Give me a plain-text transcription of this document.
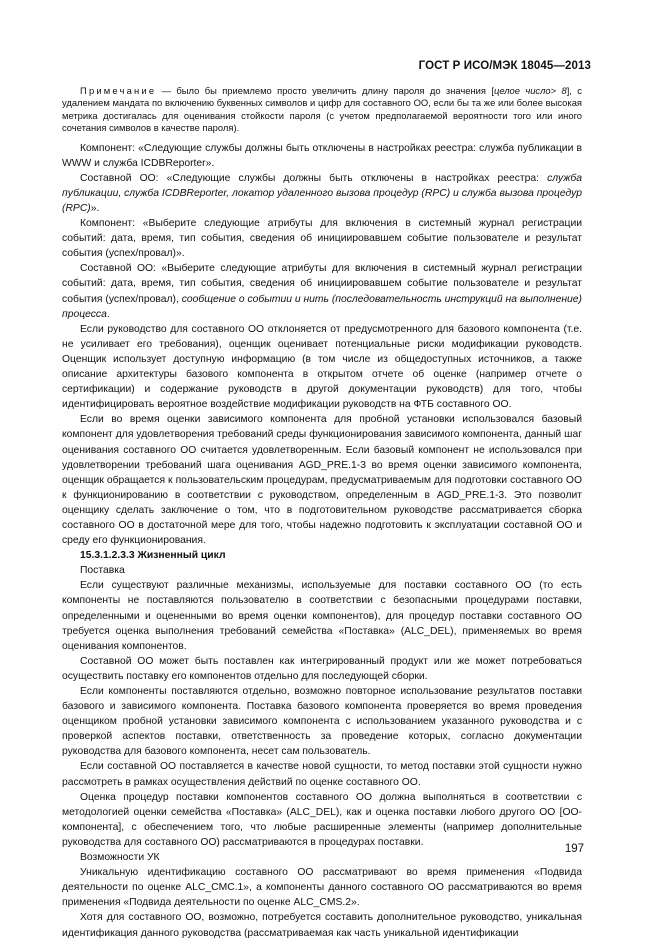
ГОСТ Р ИСО/МЭК 18045—2013
Примечание — было бы приемлемо просто увеличить длину пароля до значения [целое число> 8], с удалением мандата по включению буквенных символов и цифр для составного ОО, если бы та же или более высокая метрика достигалась для оценивания стойкости пароля (с учетом предполагаемой вероятности того или иного сочетания символов в качестве пароля).

Компонент: «Следующие службы должны быть отключены в настройках реестра: служба публикации в WWW и служба ICDBReporter».

Составной ОО: «Следующие службы должны быть отключены в настройках реестра: служба публикации, служба ICDBReporter, локатор удаленного вызова процедур (RPC) и служба вызова процедур (RPC)».

Компонент: «Выберите следующие атрибуты для включения в системный журнал регистрации событий: дата, время, тип события, сведения об инициировавшем событие пользователе и результат события (успех/провал)».

Составной ОО: «Выберите следующие атрибуты для включения в системный журнал регистрации событий: дата, время, тип события, сведения об инициировавшем событие пользователе и результат события (успех/провал), сообщение о событии и нить (последовательность инструкций на выполнение) процесса.

Если руководство для составного ОО отклоняется от предусмотренного для базового компонента (т.е. не усиливает его требования), оценщик оценивает потенциальные риски модификации руководств. Оценщик использует доступную информацию (в том числе из общедоступных источников, а также описание архитектуры базового компонента в открытом отчете об оценке (например отчете о сертификации) и содержание руководств в другой документации руководств) для того, чтобы идентифицировать вероятное воздействие модификации руководств на ФТБ составного ОО.

Если во время оценки зависимого компонента для пробной установки использовался базовый компонент для удовлетворения требований среды функционирования зависимого компонента, данный шаг оценивания составного ОО считается удовлетворенным. Если базовый компонент не использовался при удовлетворении требований шага оценивания AGD_PRE.1-3 во время оценки зависимого компонента, оценщик обращается к пользовательским процедурам, предусматриваемым для подготовки составного ОО к функционированию в соответствии с руководством, определенным в AGD_PRE.1-3. Это позволит оценщику сделать заключение о том, что в подготовительном руководстве рассматривается сборка составного ОО в достаточной мере для того, чтобы надежно подготовить к эксплуатации составной ОО и среду его функционирования.

15.3.1.2.3.3 Жизненный цикл

Поставка

Если существуют различные механизмы, используемые для поставки составного ОО (то есть компоненты не поставляются пользователю в соответствии с безопасными процедурами поставки, определенными и оцененными во время оценки компонентов), для процедур поставки составного ОО требуется оценка выполнения требований семейства «Поставка» (ALC_DEL), применяемых во время оценивания компонентов.

Составной ОО может быть поставлен как интегрированный продукт или же может потребоваться осуществить поставку его компонентов отдельно для последующей сборки.

Если компоненты поставляются отдельно, возможно повторное использование результатов поставки базового и зависимого компонента. Поставка базового компонента проверяется во время проведения оценщиком пробной установки зависимого компонента с использованием указанного руководства и с проверкой аспектов поставки, ответственность за проведение которых, согласно документации руководства для базового компонента, несет сам пользователь.

Если составной ОО поставляется в качестве новой сущности, то метод поставки этой сущности нужно рассмотреть в рамках осуществления действий по оценке составного ОО.

Оценка процедур поставки компонентов составного ОО должна выполняться в соответствии с методологией оценки семейства «Поставка» (ALC_DEL), как и оценка поставки любого другого ОО [ОО-компонента], с обеспечением того, что любые расширенные элементы (например дополнительные руководства для составного ОО) рассматриваются в процедурах поставки.

Возможности УК

Уникальную идентификацию составного ОО рассматривают во время применения «Подвида деятельности по оценке ALC_CMC.1», а компоненты данного составного ОО рассматриваются во время применения «Подвида деятельности по оценке ALC_CMS.2».

Хотя для составного ОО, возможно, потребуется составить дополнительное руководство, уникальная идентификация данного руководства (рассматриваемая как часть уникальной идентификации

197
